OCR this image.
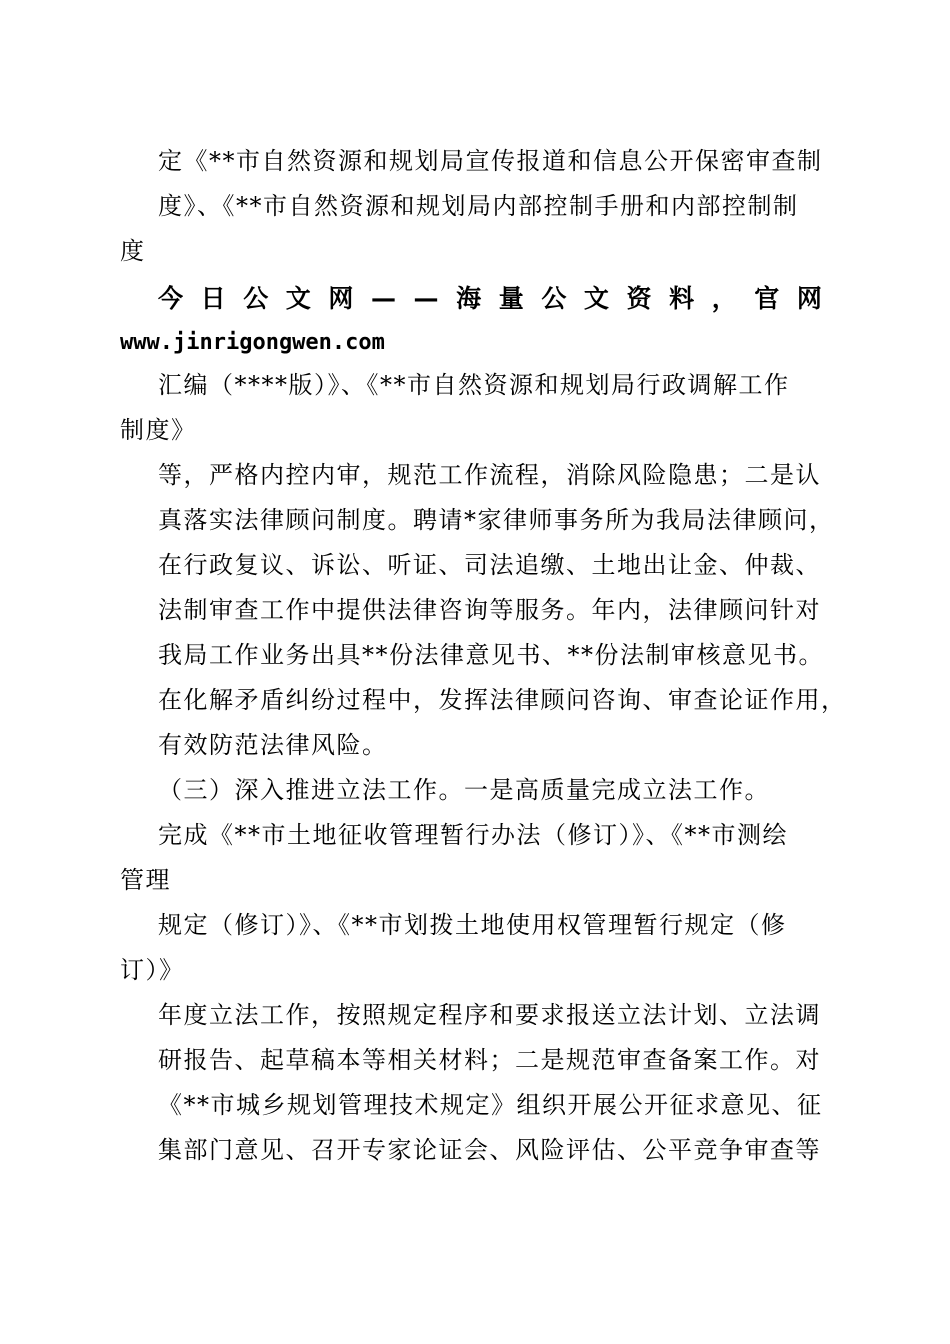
定《**市自然资源和规划局宣传报道和信息公开保密审查制
度》、《**市自然资源和规划局内部控制手册和内部控制制
度
今 日 公 文 网 — — 海 量 公 文 资 料 ， 官 网
www.jinrigongwen.com
汇编（****版）》、《**市自然资源和规划局行政调解工作
制度》
等，严格内控内审，规范工作流程，消除风险隐患；二是认
真落实法律顾问制度。聘请*家律师事务所为我局法律顾问，
在行政复议、诉讼、听证、司法追缴、土地出让金、仲裁、
法制审查工作中提供法律咨询等服务。年内，法律顾问针对
我局工作业务出具**份法律意见书、**份法制审核意见书。
在化解矛盾纠纷过程中，发挥法律顾问咨询、审查论证作用，
有效防范法律风险。
（三）深入推进立法工作。一是高质量完成立法工作。
完成《**市土地征收管理暂行办法（修订）》、《**市测绘
管理
规定（修订）》、《**市划拨土地使用权管理暂行规定（修
订）》
年度立法工作，按照规定程序和要求报送立法计划、立法调
研报告、起草稿本等相关材料；二是规范审查备案工作。对
《**市城乡规划管理技术规定》组织开展公开征求意见、征
集部门意见、召开专家论证会、风险评估、公平竞争审查等
